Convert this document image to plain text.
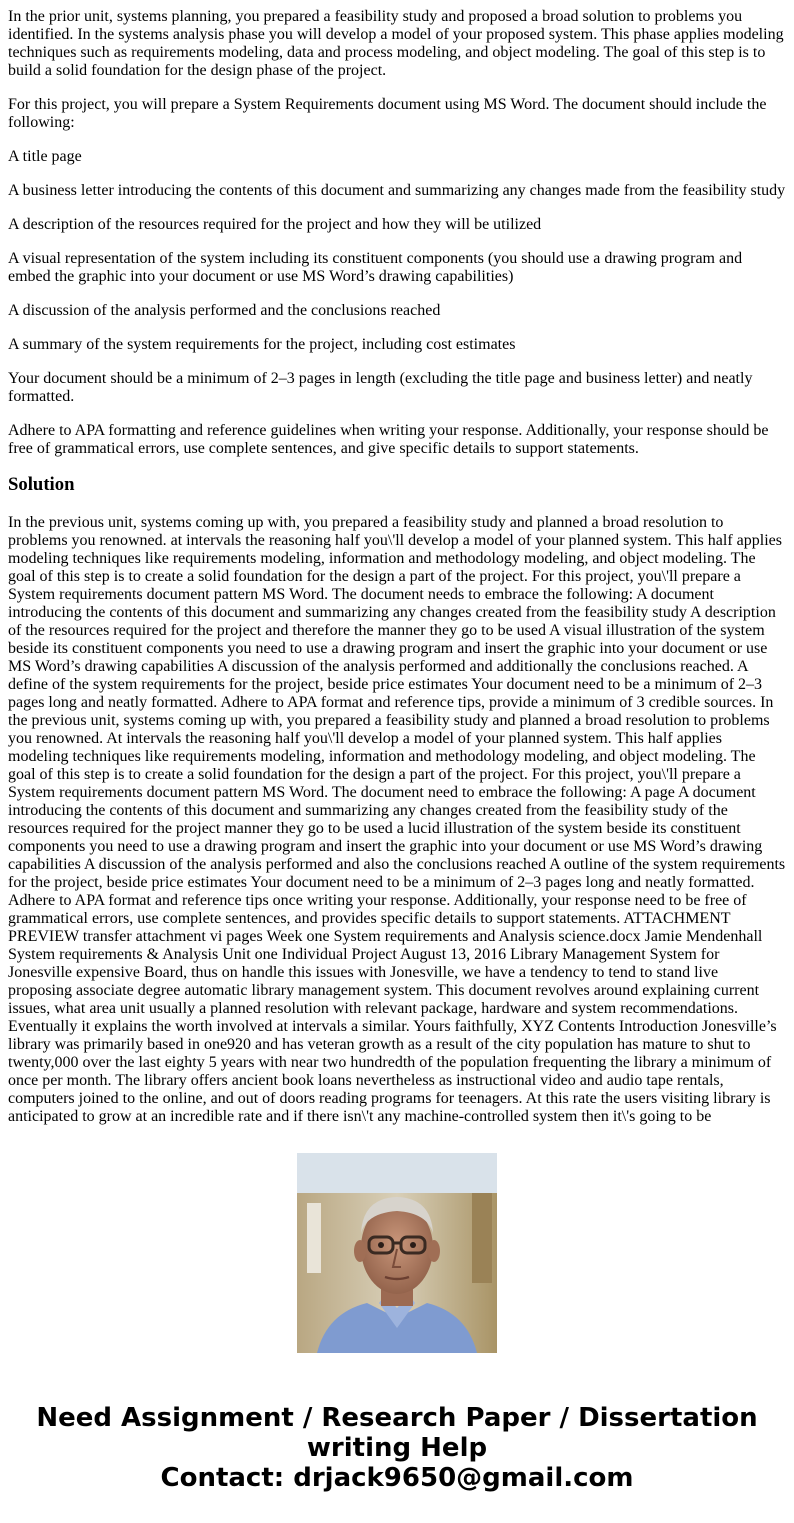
In the prior unit, systems planning, you prepared a feasibility study and proposed a broad solution to problems you identified. In the systems analysis phase you will develop a model of your proposed system. This phase applies modeling techniques such as requirements modeling, data and process modeling, and object modeling. The goal of this step is to build a solid foundation for the design phase of the project.

For this project, you will prepare a System Requirements document using MS Word. The document should include the following:

A title page

A business letter introducing the contents of this document and summarizing any changes made from the feasibility study

A description of the resources required for the project and how they will be utilized

A visual representation of the system including its constituent components (you should use a drawing program and embed the graphic into your document or use MS Word’s drawing capabilities)

A discussion of the analysis performed and the conclusions reached

A summary of the system requirements for the project, including cost estimates

Your document should be a minimum of 2–3 pages in length (excluding the title page and business letter) and neatly formatted.

Adhere to APA formatting and reference guidelines when writing your response. Additionally, your response should be free of grammatical errors, use complete sentences, and give specific details to support statements.

Solution
In the previous unit, systems coming up with, you prepared a feasibility study and planned a broad resolution to problems you renowned. at intervals the reasoning half you\'ll develop a model of your planned system. This half applies modeling techniques like requirements modeling, information and methodology modeling, and object modeling. The goal of this step is to create a solid foundation for the design a part of the project. For this project, you\'ll prepare a System requirements document pattern MS Word. The document needs to embrace the following: A document introducing the contents of this document and summarizing any changes created from the feasibility study A description of the resources required for the project and therefore the manner they go to be used A visual illustration of the system beside its constituent components you need to use a drawing program and insert the graphic into your document or use MS Word’s drawing capabilities A discussion of the analysis performed and additionally the conclusions reached. A define of the system requirements for the project, beside price estimates Your document need to be a minimum of 2–3 pages long and neatly formatted. Adhere to APA format and reference tips, provide a minimum of 3 credible sources. In the previous unit, systems coming up with, you prepared a feasibility study and planned a broad resolution to problems you renowned. At intervals the reasoning half you\'ll develop a model of your planned system. This half applies modeling techniques like requirements modeling, information and methodology modeling, and object modeling. The goal of this step is to create a solid foundation for the design a part of the project. For this project, you\'ll prepare a System requirements document pattern MS Word. The document need to embrace the following: A page A document introducing the contents of this document and summarizing any changes created from the feasibility study of the resources required for the project manner they go to be used a lucid illustration of the system beside its constituent components you need to use a drawing program and insert the graphic into your document or use MS Word’s drawing capabilities A discussion of the analysis performed and also the conclusions reached A outline of the system requirements for the project, beside price estimates Your document need to be a minimum of 2–3 pages long and neatly formatted. Adhere to APA format and reference tips once writing your response. Additionally, your response need to be free of grammatical errors, use complete sentences, and provides specific details to support statements. ATTACHMENT PREVIEW transfer attachment vi pages Week one System requirements and Analysis science.docx Jamie Mendenhall System requirements & Analysis Unit one Individual Project August 13, 2016 Library Management System for Jonesville expensive Board, thus on handle this issues with Jonesville, we have a tendency to tend to stand live proposing associate degree automatic library management system. This document revolves around explaining current issues, what area unit usually a planned resolution with relevant package, hardware and system recommendations. Eventually it explains the worth involved at intervals a similar. Yours faithfully, XYZ Contents Introduction Jonesville’s library was primarily based in one920 and has veteran growth as a result of the city population has mature to shut to twenty,000 over the last eighty 5 years with near two hundredth of the population frequenting the library a minimum of once per month. The library offers ancient book loans nevertheless as instructional video and audio tape rentals, computers joined to the online, and out of doors reading programs for teenagers. At this rate the users visiting library is anticipated to grow at an incredible rate and if there isn\'t any machine-controlled system then it\'s going to be
Need Assignment / Research Paper / Dissertation writing Help
Contact: drjack9650@gmail.com
